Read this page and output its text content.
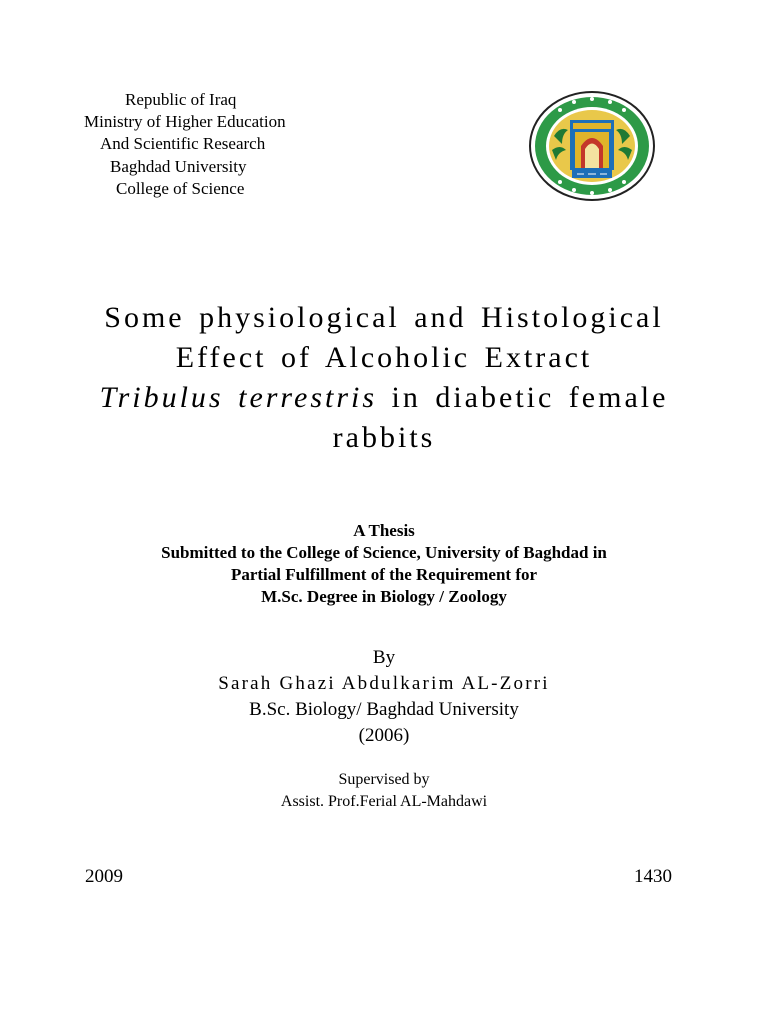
Republic of Iraq
Ministry of Higher Education
And Scientific Research
Baghdad University
College of Science
Some physiological and Histological
Effect of Alcoholic Extract
Tribulus terrestris in diabetic female
rabbits
A Thesis
Submitted to the College of Science, University of Baghdad in
Partial Fulfillment of the Requirement for
M.Sc. Degree in Biology / Zoology
By
Sarah Ghazi Abdulkarim AL-Zorri
B.Sc. Biology/ Baghdad University
(2006)
Supervised by
Assist. Prof.Ferial AL-Mahdawi
2009	1430
